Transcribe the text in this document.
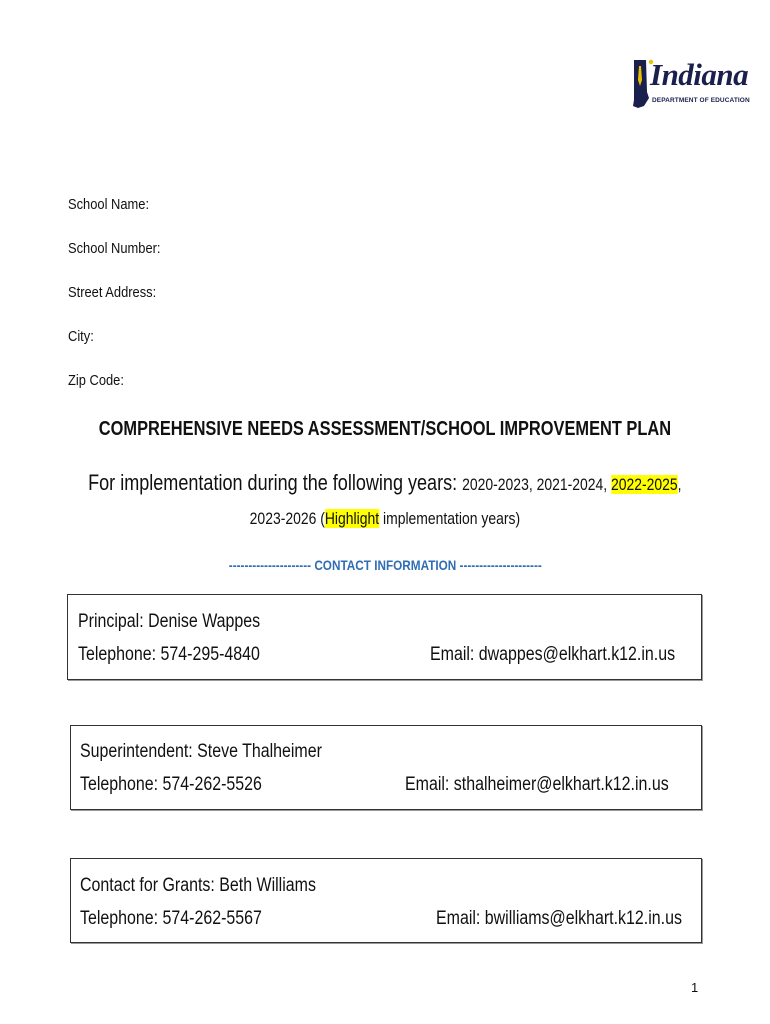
Indiana
DEPARTMENT OF EDUCATION
School Name:
School Number:
Street Address:
City:
Zip Code:
COMPREHENSIVE NEEDS ASSESSMENT/SCHOOL IMPROVEMENT PLAN
For implementation during the following years: 2020-2023, 2021-2024, 2022-2025,
2023-2026 (Highlight implementation years)
--------------------- CONTACT INFORMATION ---------------------
Principal: Denise Wappes
Telephone: 574-295-4840	Email: dwappes@elkhart.k12.in.us
Superintendent: Steve Thalheimer
Telephone: 574-262-5526	Email: sthalheimer@elkhart.k12.in.us
Contact for Grants: Beth Williams
Telephone: 574-262-5567	Email: bwilliams@elkhart.k12.in.us
1
